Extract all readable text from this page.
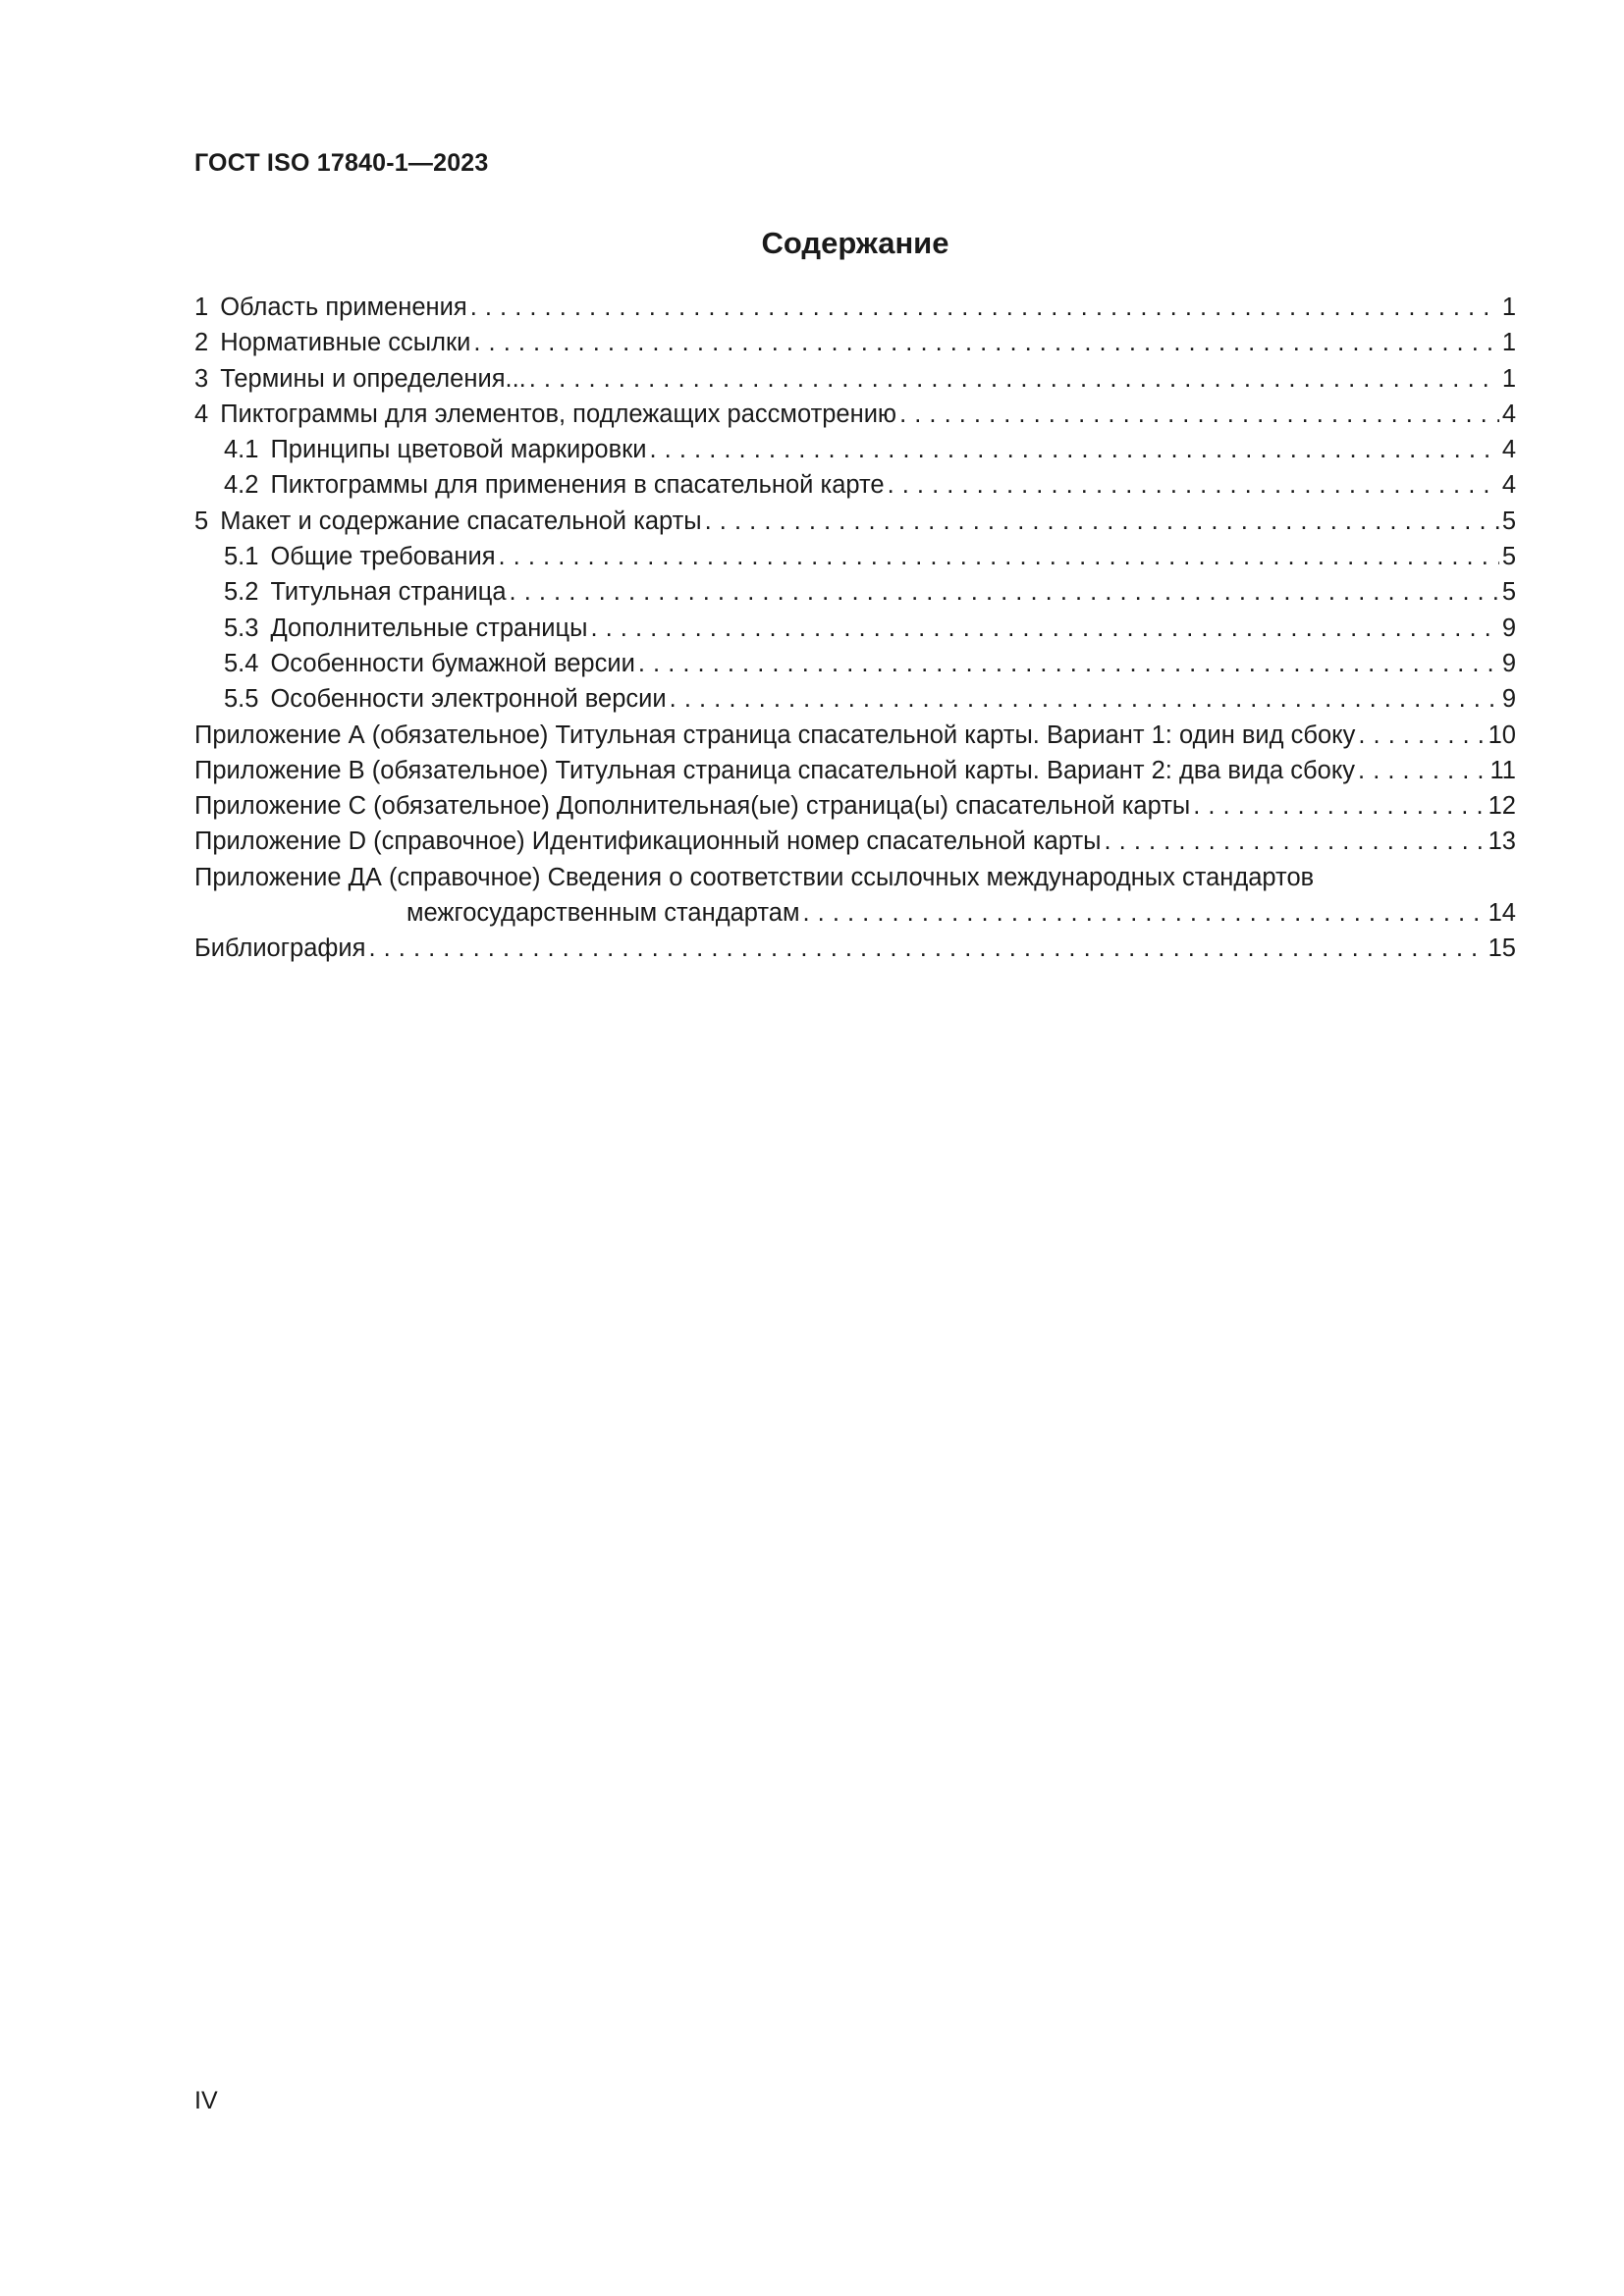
ГОСТ ISO 17840-1—2023
Содержание
1 Область применения . . .	1
2 Нормативные ссылки . . .	1
3 Термины и определения... . . .	1
4 Пиктограммы для элементов, подлежащих рассмотрению . . .	4
4.1 Принципы цветовой маркировки . . .	4
4.2 Пиктограммы для применения в спасательной карте . . .	4
5 Макет и содержание спасательной карты . . .	5
5.1 Общие требования . . .	5
5.2 Титульная страница . . .	5
5.3 Дополнительные страницы . . .	9
5.4 Особенности бумажной версии . . .	9
5.5 Особенности электронной версии . . .	9
Приложение А (обязательное) Титульная страница спасательной карты. Вариант 1: один вид сбоку . . .	10
Приложение В (обязательное) Титульная страница спасательной карты. Вариант 2: два вида сбоку . . .	11
Приложение С (обязательное) Дополнительная(ые) страница(ы) спасательной карты . . .	12
Приложение D (справочное) Идентификационный номер спасательной карты . . .	13
Приложение ДА (справочное) Сведения о соответствии ссылочных международных стандартов
межгосударственным стандартам . . .	14
Библиография . . .	15
IV
